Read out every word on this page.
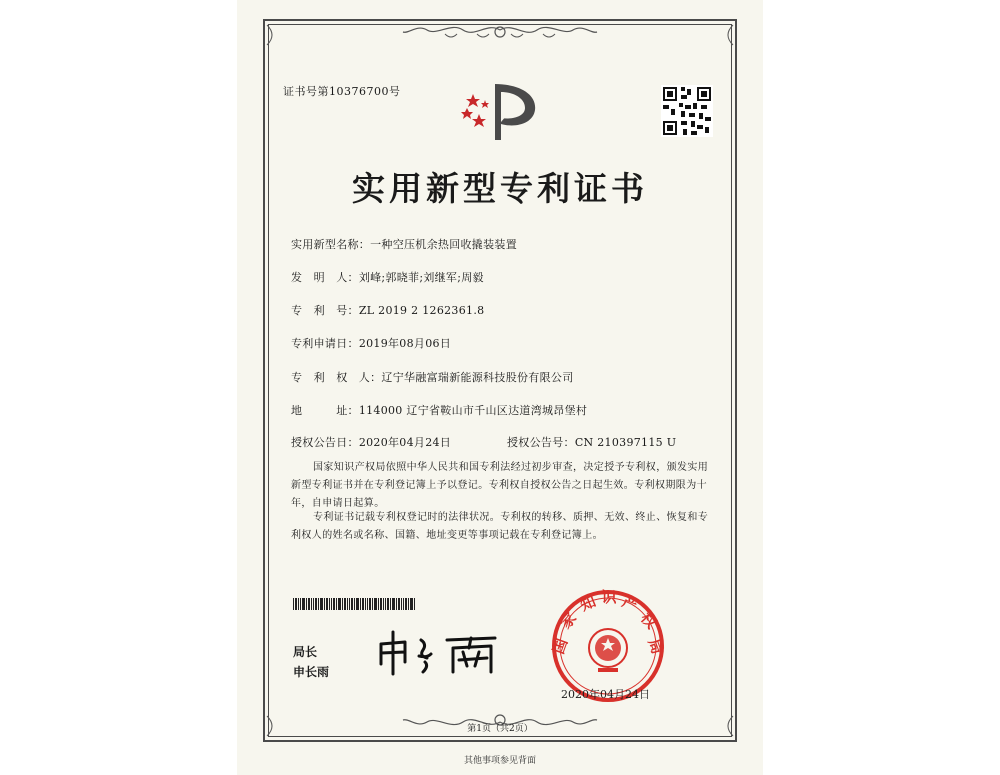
证书号第10376700号
实用新型专利证书
实用新型名称：一种空压机余热回收撬装装置
发　明　人：刘峰;郭晓菲;刘继军;周毅
专　利　号：ZL 2019 2 1262361.8
专利申请日：2019年08月06日
专　利　权　人：辽宁华融富瑞新能源科技股份有限公司
地　　　址：114000 辽宁省鞍山市千山区达道湾城昂堡村
授权公告日：2020年04月24日	授权公告号：CN 210397115 U

国家知识产权局依照中华人民共和国专利法经过初步审查，决定授予专利权，颁发实用新型专利证书并在专利登记簿上予以登记。专利权自授权公告之日起生效。专利权期限为十年，自申请日起算。

专利证书记载专利权登记时的法律状况。专利权的转移、质押、无效、终止、恢复和专利权人的姓名或名称、国籍、地址变更等事项记载在专利登记簿上。

局长
申长雨
国
家
知 识 产
权
局
2020年04月24日
第1页（共2页）
其他事项参见背面
